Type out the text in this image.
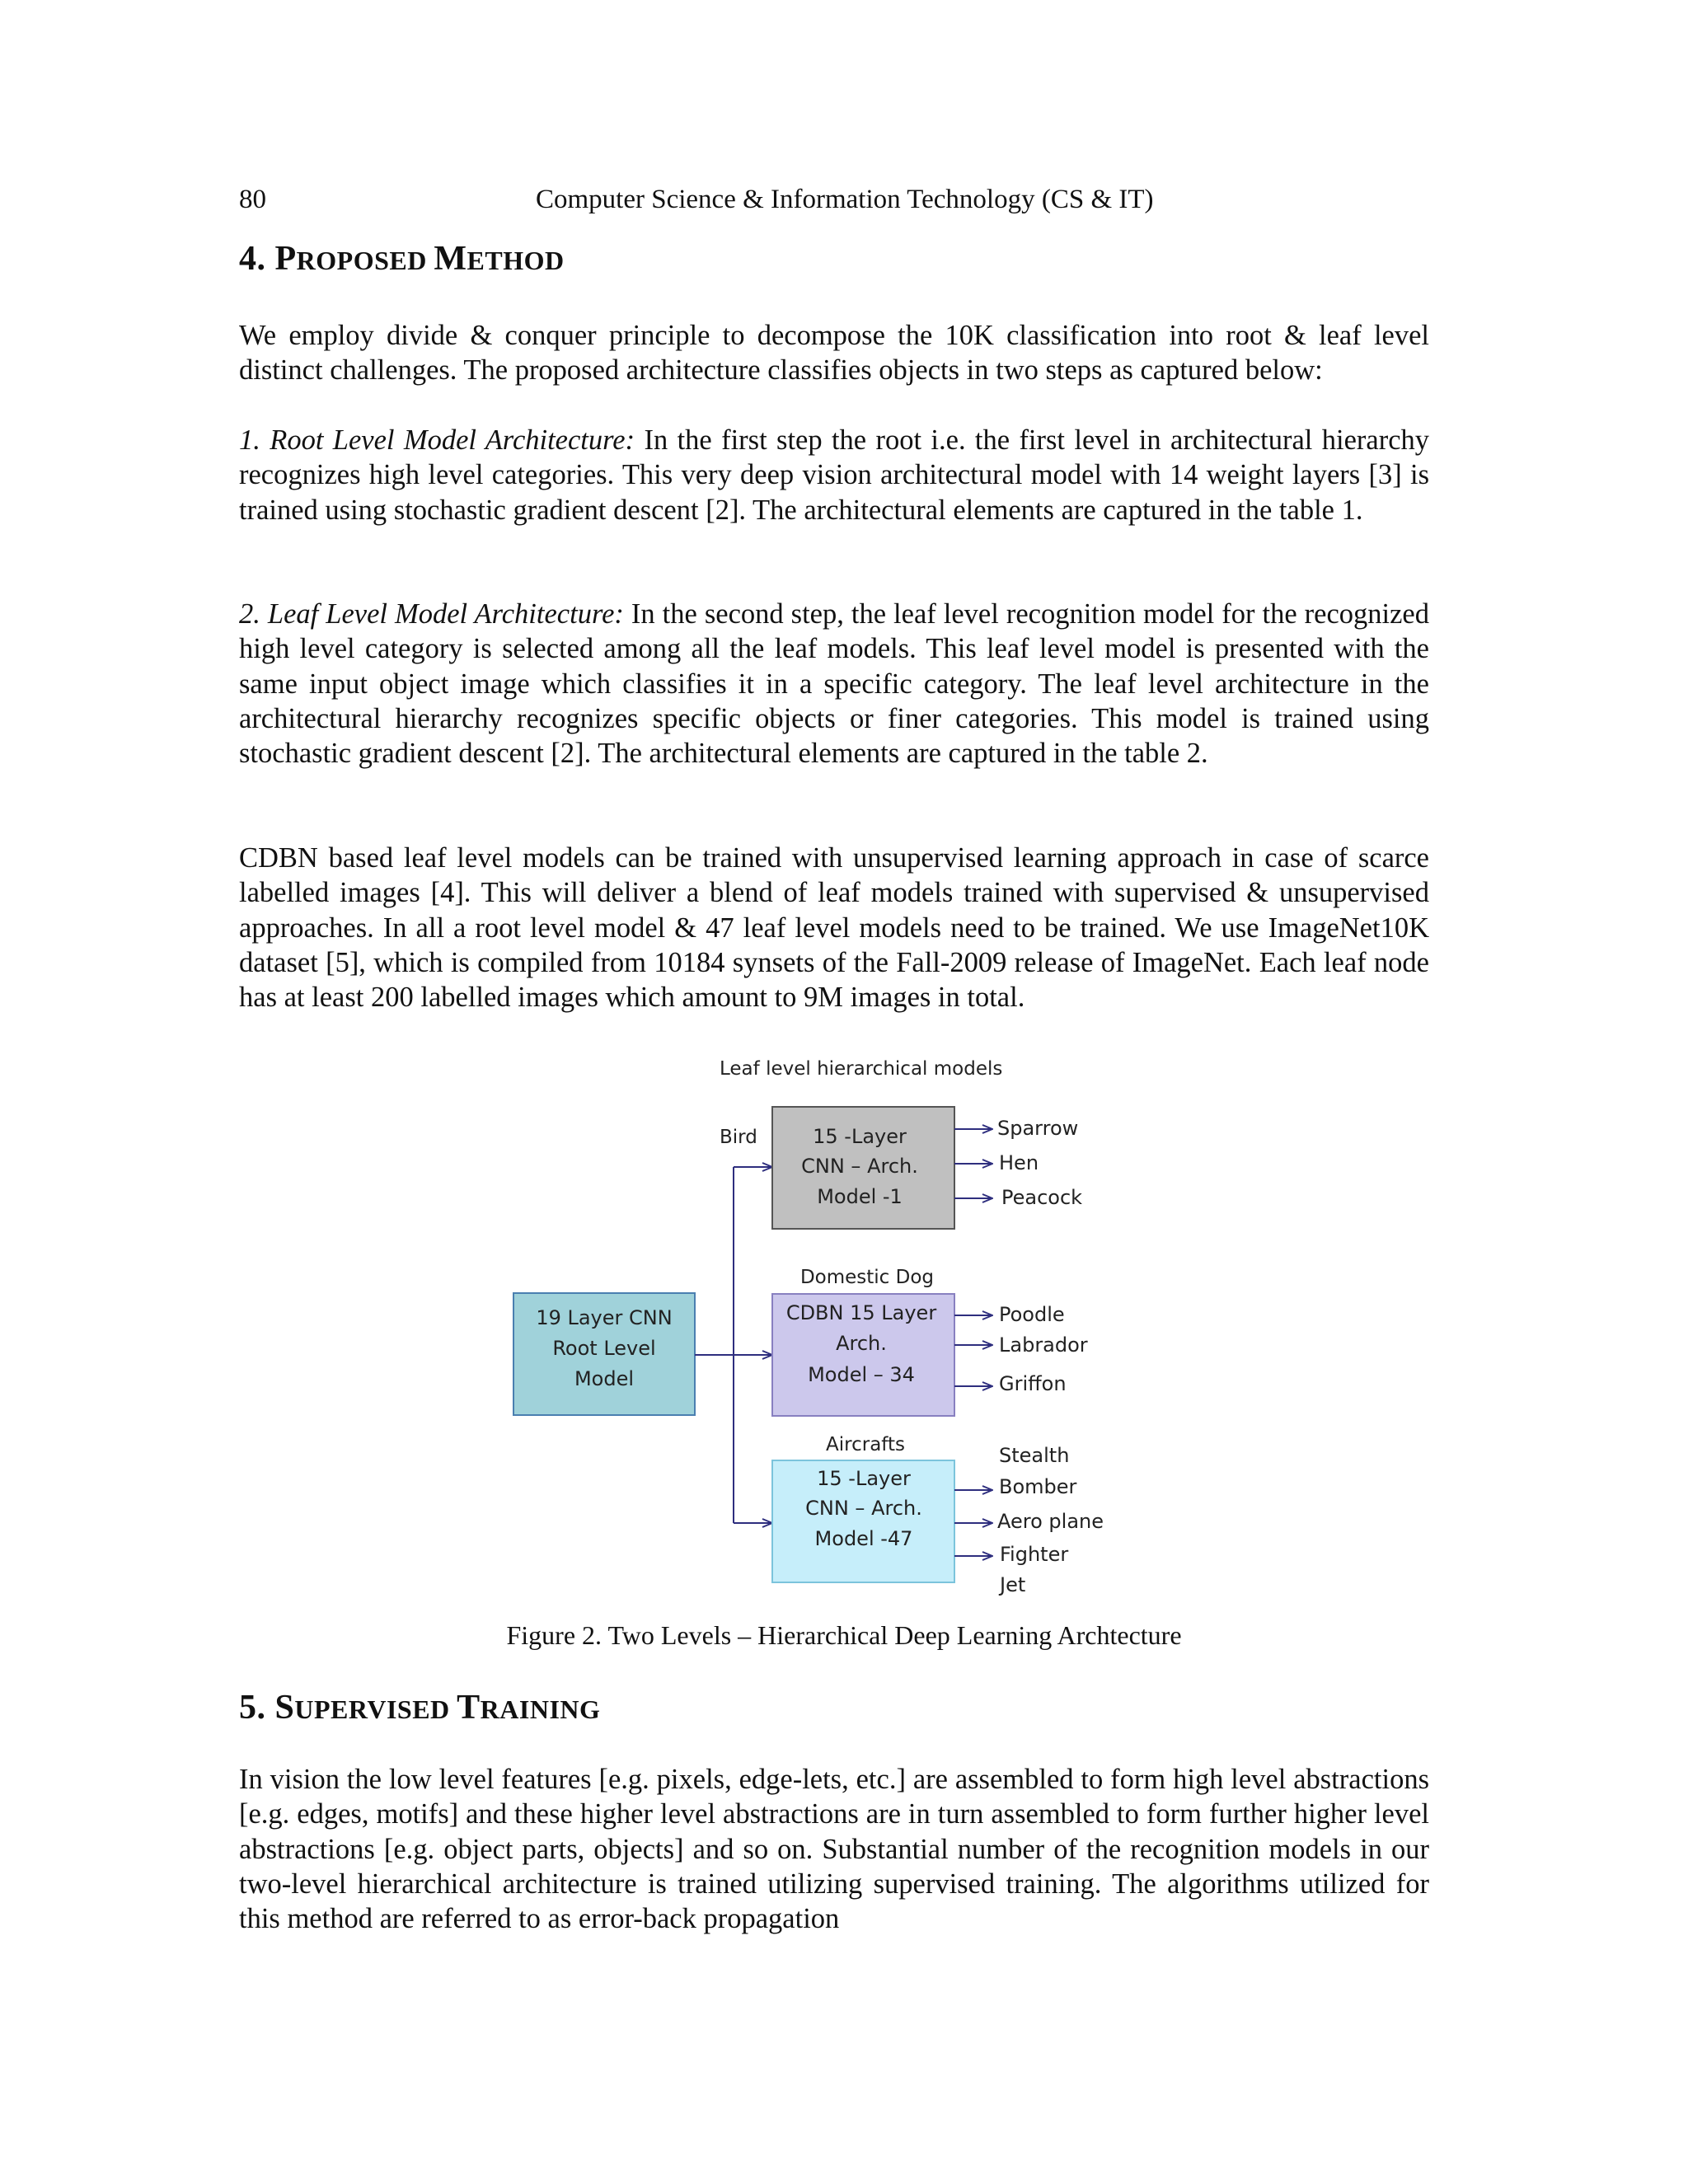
80	Computer Science & Information Technology (CS & IT)
4. PROPOSED METHOD
We employ divide & conquer principle to decompose the 10K classification into root & leaf level distinct challenges. The proposed architecture classifies objects in two steps as captured below:
1. Root Level Model Architecture: In the first step the root i.e. the first level in architectural hierarchy recognizes high level categories. This very deep vision architectural model with 14 weight layers [3] is trained using stochastic gradient descent [2]. The architectural elements are captured in the table 1.
2. Leaf Level Model Architecture: In the second step, the leaf level recognition model for the recognized high level category is selected among all the leaf models. This leaf level model is presented with the same input object image which classifies it in a specific category. The leaf level architecture in the architectural hierarchy recognizes specific objects or finer categories. This model is trained using stochastic gradient descent [2]. The architectural elements are captured in the table 2.
CDBN based leaf level models can be trained with unsupervised learning approach in case of scarce labelled images [4]. This will deliver a blend of leaf models trained with supervised & unsupervised approaches. In all a root level model & 47 leaf level models need to be trained. We use ImageNet10K dataset [5], which is compiled from 10184 synsets of the Fall-2009 release of ImageNet. Each leaf node has at least 200 labelled images which amount to 9M images in total.
Leaf level hierarchical models
19 Layer CNN
Root Level
Model
Bird	15 -Layer
CNN – Arch.
Model -1
Sparrow
Hen
Peacock
Domestic Dog
CDBN 15 Layer
Arch.
Model – 34
Poodle
Labrador
Griffon
Aircrafts
15 -Layer
CNN – Arch.
Model -47
Stealth
Bomber
Aero plane
Fighter
Jet
Figure 2. Two Levels – Hierarchical Deep Learning Archtecture
5. SUPERVISED TRAINING
In vision the low level features [e.g. pixels, edge-lets, etc.] are assembled to form high level abstractions [e.g. edges, motifs] and these higher level abstractions are in turn assembled to form further higher level abstractions [e.g. object parts, objects] and so on. Substantial number of the recognition models in our two-level hierarchical architecture is trained utilizing supervised training. The algorithms utilized for this method are referred to as error-back propagation
